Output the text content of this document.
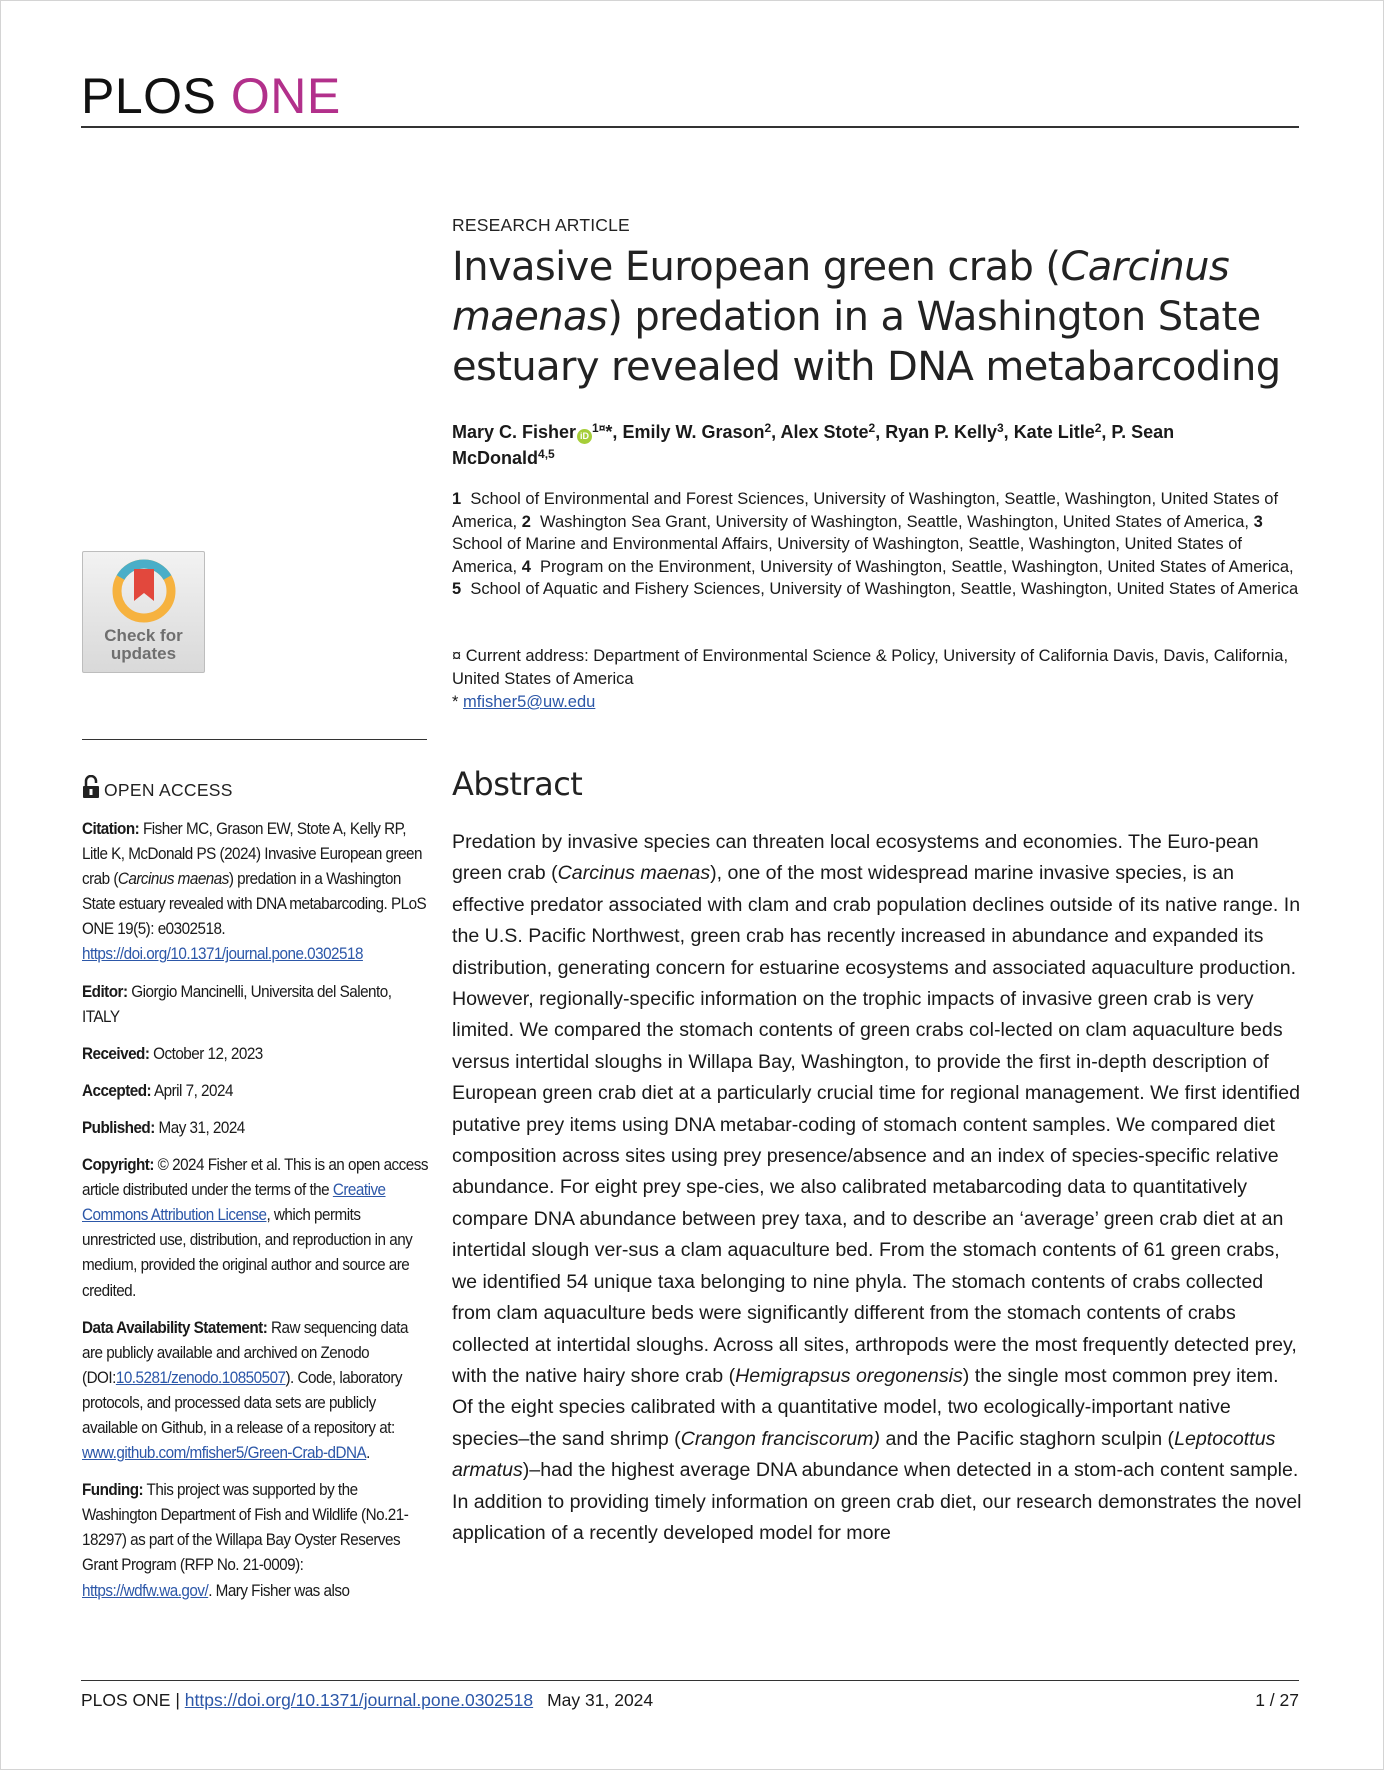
PLOS ONE
RESEARCH ARTICLE
Invasive European green crab (Carcinus maenas) predation in a Washington State estuary revealed with DNA metabarcoding
Mary C. Fisher $iD^{1¤}*$, Emily W. Grason$^2$, Alex Stote$^2$, Ryan P. Kelly$^3$, Kate Litle$^2$, P. Sean McDonald$^{4,5}$
1 School of Environmental and Forest Sciences, University of Washington, Seattle, Washington, United States of America, 2 Washington Sea Grant, University of Washington, Seattle, Washington, United States of America, 3  School of Marine and Environmental Affairs, University of Washington, Seattle, Washington, United States of America, 4 Program on the Environment, University of Washington, Seattle, Washington, United States of America, 5 School of Aquatic and Fishery Sciences, University of Washington, Seattle, Washington, United States of America
¤ Current address: Department of Environmental Science & Policy, University of California Davis, Davis, California, United States of America
* mfisher5@uw.edu
Check for
updates
OPEN ACCESS

Citation: Fisher MC, Grason EW, Stote A, Kelly RP, Litle K, McDonald PS (2024) Invasive European green crab (Carcinus maenas) predation in a Washington State estuary revealed with DNA metabarcoding. PLoS ONE 19(5): e0302518. https://doi.org/10.1371/journal.pone.0302518

Editor: Giorgio Mancinelli, Universita del Salento, ITALY

Received: October 12, 2023

Accepted: April 7, 2024

Published: May 31, 2024

Copyright: © 2024 Fisher et al. This is an open access article distributed under the terms of the Creative Commons Attribution License, which permits unrestricted use, distribution, and reproduction in any medium, provided the original author and source are credited.

Data Availability Statement: Raw sequencing data are publicly available and archived on Zenodo (DOI:10.5281/zenodo.10850507). Code, laboratory protocols, and processed data sets are publicly available on Github, in a release of a repository at: www.github.com/mfisher5/Green-Crab-dDNA.

Funding: This project was supported by the Washington Department of Fish and Wildlife (No.21-18297) as part of the Willapa Bay Oyster Reserves Grant Program (RFP No. 21-0009): https://wdfw.wa.gov/. Mary Fisher was also

Abstract
Predation by invasive species can threaten local ecosystems and economies. The Euro-pean green crab (Carcinus maenas), one of the most widespread marine invasive species, is an effective predator associated with clam and crab population declines outside of its native range. In the U.S. Pacific Northwest, green crab has recently increased in abundance and expanded its distribution, generating concern for estuarine ecosystems and associated aquaculture production. However, regionally-specific information on the trophic impacts of invasive green crab is very limited. We compared the stomach contents of green crabs col-lected on clam aquaculture beds versus intertidal sloughs in Willapa Bay, Washington, to provide the first in-depth description of European green crab diet at a particularly crucial time for regional management. We first identified putative prey items using DNA metabar-coding of stomach content samples. We compared diet composition across sites using prey presence/absence and an index of species-specific relative abundance. For eight prey spe-cies, we also calibrated metabarcoding data to quantitatively compare DNA abundance between prey taxa, and to describe an ‘average’ green crab diet at an intertidal slough ver-sus a clam aquaculture bed. From the stomach contents of 61 green crabs, we identified 54 unique taxa belonging to nine phyla. The stomach contents of crabs collected from clam aquaculture beds were significantly different from the stomach contents of crabs collected at intertidal sloughs. Across all sites, arthropods were the most frequently detected prey, with the native hairy shore crab (Hemigrapsus oregonensis) the single most common prey item. Of the eight species calibrated with a quantitative model, two ecologically-important native species–the sand shrimp (Crangon franciscorum) and the Pacific staghorn sculpin (Leptocottus armatus)–had the highest average DNA abundance when detected in a stom-ach content sample. In addition to providing timely information on green crab diet, our research demonstrates the novel application of a recently developed model for more
PLOS ONE | https://doi.org/10.1371/journal.pone.0302518 May 31, 2024	1 / 27
